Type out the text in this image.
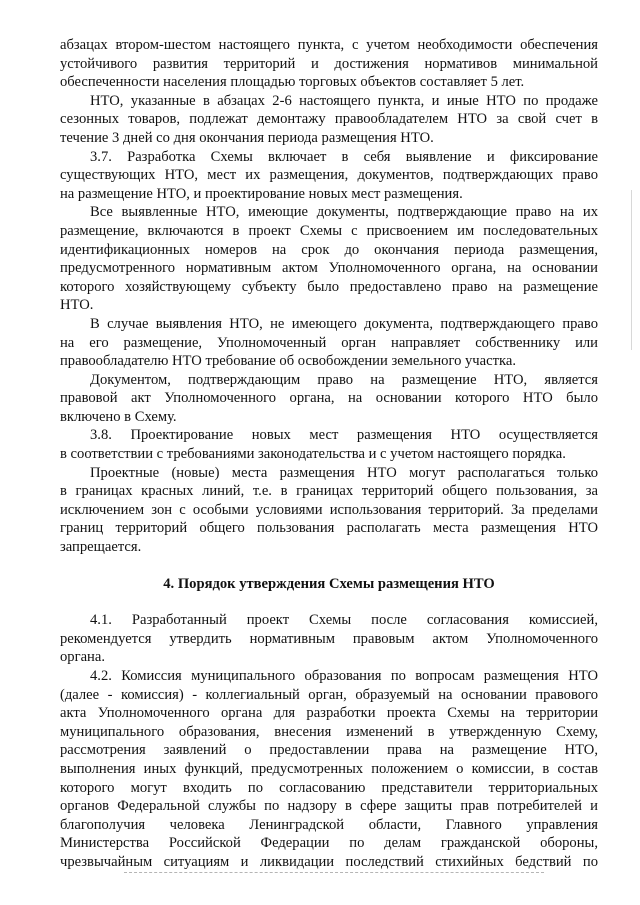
абзацах втором-шестом настоящего пункта, с учетом необходимости обеспечения
устойчивого развития территорий и достижения нормативов минимальной
обеспеченности населения площадью торговых объектов составляет 5 лет.
НТО, указанные в абзацах 2-6 настоящего пункта, и иные НТО по продаже
сезонных товаров, подлежат демонтажу правообладателем НТО за свой счет в
течение 3 дней со дня окончания периода размещения НТО.
3.7. Разработка Схемы включает в себя выявление и фиксирование
существующих НТО, мест их размещения, документов, подтверждающих право
на размещение НТО, и проектирование новых мест размещения.
Все выявленные НТО, имеющие документы, подтверждающие право на их
размещение, включаются в проект Схемы с присвоением им последовательных
идентификационных номеров на срок до окончания периода размещения,
предусмотренного нормативным актом Уполномоченного органа, на основании
которого хозяйствующему субъекту было предоставлено право на размещение
НТО.
В случае выявления НТО, не имеющего документа, подтверждающего право
на его размещение, Уполномоченный орган направляет собственнику или
правообладателю НТО требование об освобождении земельного участка.
Документом, подтверждающим право на размещение НТО, является
правовой акт Уполномоченного органа, на основании которого НТО было
включено в Схему.
3.8. Проектирование новых мест размещения НТО осуществляется
в соответствии с требованиями законодательства и с учетом настоящего порядка.
Проектные (новые) места размещения НТО могут располагаться только
в границах красных линий, т.е. в границах территорий общего пользования, за
исключением зон с особыми условиями использования территорий. За пределами
границ территорий общего пользования располагать места размещения НТО
запрещается.
4. Порядок утверждения Схемы размещения НТО
4.1. Разработанный проект Схемы после согласования комиссией,
рекомендуется утвердить нормативным правовым актом Уполномоченного
органа.
4.2. Комиссия муниципального образования по вопросам размещения НТО
(далее - комиссия) - коллегиальный орган, образуемый на основании правового
акта Уполномоченного органа для разработки проекта Схемы на территории
муниципального образования, внесения изменений в утвержденную Схему,
рассмотрения заявлений о предоставлении права на размещение НТО,
выполнения иных функций, предусмотренных положением о комиссии, в состав
которого могут входить по согласованию представители территориальных
органов Федеральной службы по надзору в сфере защиты прав потребителей и
благополучия человека Ленинградской области, Главного управления
Министерства Российской Федерации по делам гражданской обороны,
чрезвычайным ситуациям и ликвидации последствий стихийных бедствий по
